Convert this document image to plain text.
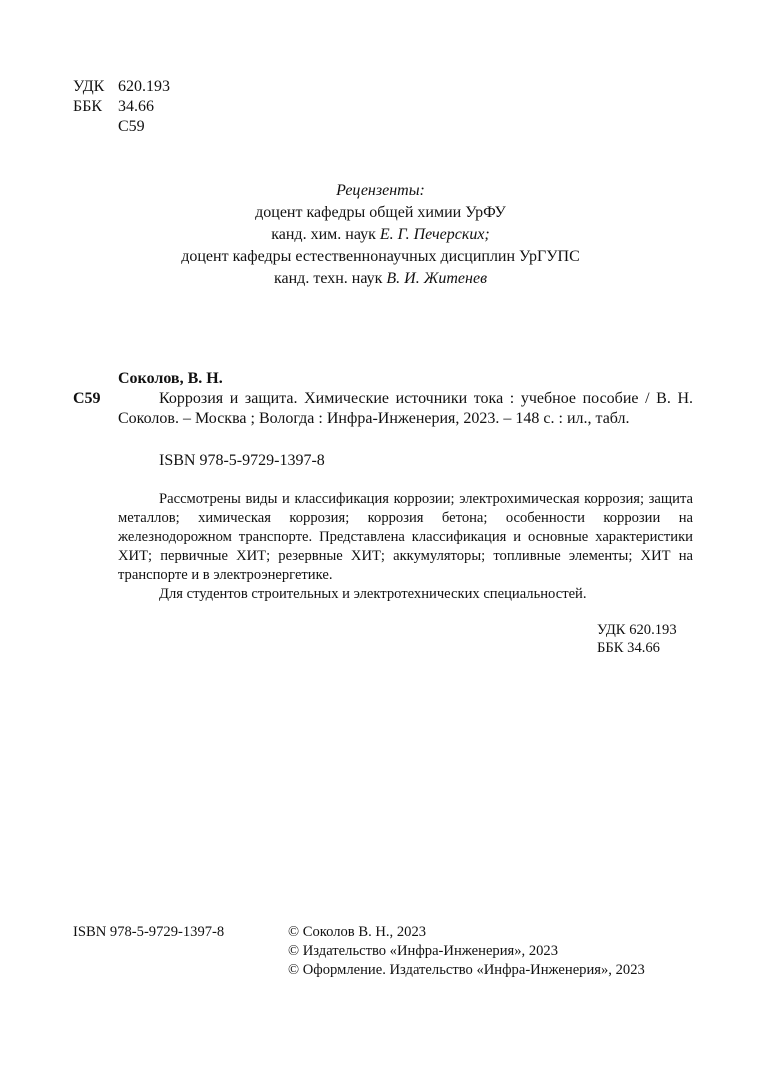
УДК 620.193
ББК 34.66
С59
Рецензенты:
доцент кафедры общей химии УрФУ
канд. хим. наук Е. Г. Печерских;
доцент кафедры естественнонаучных дисциплин УрГУПС
канд. техн. наук В. И. Житенев
Соколов, В. Н.
С59	Коррозия и защита. Химические источники тока : учебное пособие / В. Н. Соколов. – Москва ; Вологда : Инфра-Инженерия, 2023. – 148 с. : ил., табл.
ISBN 978-5-9729-1397-8
Рассмотрены виды и классификация коррозии; электрохимическая коррозия; защита металлов; химическая коррозия; коррозия бетона; особенности коррозии на железнодорожном транспорте. Представлена классификация и основные характеристики ХИТ; первичные ХИТ; резервные ХИТ; аккумуляторы; топливные элементы; ХИТ на транспорте и в электроэнергетике.
Для студентов строительных и электротехнических специальностей.
УДК 620.193
ББК 34.66
ISBN 978-5-9729-1397-8	© Соколов В. Н., 2023
© Издательство «Инфра-Инженерия», 2023
© Оформление. Издательство «Инфра-Инженерия», 2023
